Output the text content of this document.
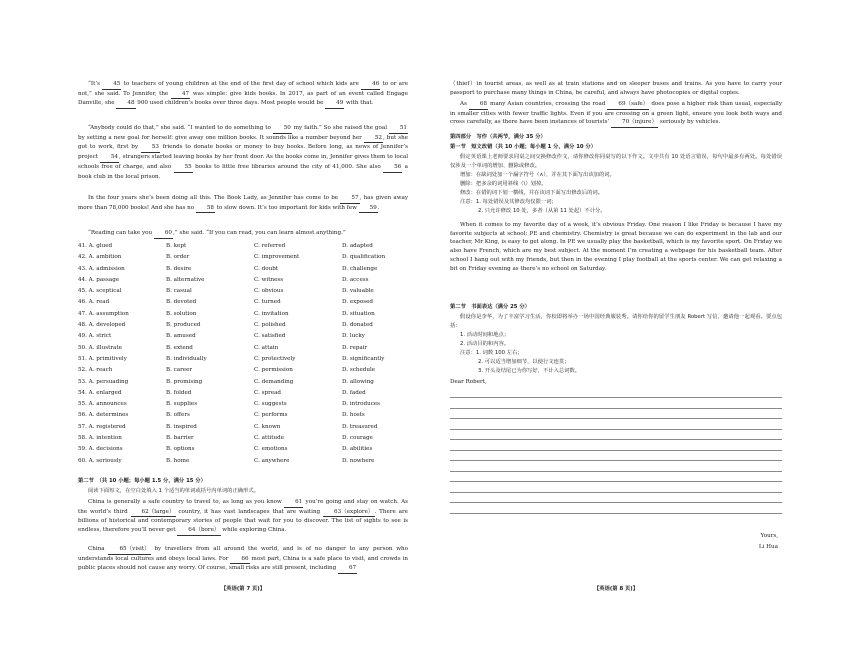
“It’s 45 to teachers of young children at the end of the first day of school which kids are 46 to or are not,” she said. To Jennifer, the 47 was simple: give kids books. In 2017, as part of an event called Engage Danville, she 48 900 used children’s books over three days. Most people would be 49 with that.
“Anybody could do that,” she said. “I wanted to do something to 50 my faith.” So she raised the goal 51 by setting a new goal for herself: give away one million books. It sounds like a number beyond her 52, but she got to work, first by 53 friends to donate books or money to buy books. Before long, as news of Jennifer’s project 54, strangers started leaving books by her front door. As the books come in, Jennifer gives them to local schools free of charge, and also 55 books to little free libraries around the city of 41,000. She also 56 a book club in the local prison.
In the four years she’s been doing all this. The Book Lady, as Jennifer has come to be 57, has given away more than 78,000 books! And she has no 58 to slow down. It’s too important for kids with few 59.
“Reading can take you 60,” she said. “If you can read, you can learn almost anything.”
41. A. glued	B. kept	C. referred	D. adapted
42. A. ambition	B. order	C. improvement	D. qualification
43. A. admission	B. desire	C. doubt	D. challenge
44. A. passage	B. alternative	C. witness	D. access
45. A. sceptical	B. casual	C. obvious	D. valuable
46. A. read	B. devoted	C. turned	D. exposed
47. A. assumption	B. solution	C. invitation	D. situation
48. A. developed	B. produced	C. polished	D. donated
49. A. strict	B. amused	C. satisfied	D. lucky
50. A. illustrate	B. extend	C. attain	D. repair
51. A. primitively	B. individually	C. protectively	D. significantly
52. A. reach	B. career	C. permission	D. schedule
53. A. persuading	B. promising	C. demanding	D. allowing
54. A. enlarged	B. folded	C. spread	D. faded
55. A. announces	B. supplies	C. suggests	D. introduces
56. A. determines	B. offers	C. performs	D. hosts
57. A. registered	B. inspired	C. known	D. treasured
58. A. intention	B. barrier	C. attitude	D. courage
59. A. decisions	B. options	C. emotions	D. abilities
60. A. seriously	B. home	C. anywhere	D. nowhere
第二节　（共 10 小题；每小题 1.5 分，满分 15 分）
阅读下面短文，在空白处填入 1 个适当的单词或括号内单词的正确形式。
China is generally a safe country to travel to, as long as you know 61 you’re going and stay on watch. As the world’s third 62（large） country, it has vast landscapes that are waiting 63（explore）. There are billions of historical and contemporary stories of people that wait for you to discover. The list of sights to see is endless, therefore you’ll never get 64（bore） while exploring China.
China 65（visit） by travellers from all around the world, and is of no danger to any person who understands local cultures and obeys local laws. For 66 most part, China is a safe place to visit, and crowds in public places should not cause any worry. Of course, small risks are still present, including 67
【英语(第 7 页)】
（thief）in tourist areas, as well as at train stations and on sleeper buses and trains. As you have to carry your passport to purchase many things in China, be careful, and always have photocopies or digital copies.
As 68 many Asian countries, crossing the road 69（safe） does pose a higher risk than usual, especially in smaller cities with fewer traffic lights. Even if you are crossing on a green light, ensure you look both ways and cross carefully, as there have been instances of tourists’ 70（injure） seriously by vehicles.
第四部分　写作（共两节，满分 35 分）
第一节　短文改错（共 10 小题；每小题 1 分，满分 10 分）
假定英语课上老师要求同桌之间交换修改作文，请你修改你同桌写的以下作文。文中共有 10 处语言错误，每句中最多有两处。每处错误仅涉及一个单词的增加、删除或修改。
增加：在缺词处加一个漏字符号（∧），并在其下面写出该加的词。
删除：把多余的词用斜线（\）划掉。
修改：在错的词下划一横线，并在该词下面写出修改后的词。
注意：1. 每处错误及其修改均仅限一词；
2. 只允许修改 10 处，多者（从第 11 处起）不计分。
When it comes to my favorite day of a week, it’s obvious Friday. One reason I like Friday is because I have my favorite subjects at school; PE and chemistry. Chemistry is great because we can do experiment in the lab and our teacher, Mr King, is easy to get along. In PE we usually play the basketball, which is my favorite sport. On Friday we also have French, which are my best subject. At the moment I’m creating a webpage for his basketball team. After school I hang out with my friends, but then in the evening I play football at the sports center. We can get relaxing a bit on Friday evening as there’s no school on Saturday.
第二节　书面表达（满分 25 分）
假设你是李华，为了丰富学习生活，你校即将举办一场中国经典服装秀。请你给你的留学生朋友 Robert 写信，邀请他一起观看。要点包括：
1. 活动时间和地点；
2. 活动目的和内容。
注意：1. 词数 100 左右；
2. 可以适当增加细节，以使行文连贯；
3. 开头及结尾已为你写好，不计入总词数。
Dear Robert,
Yours,
Li Hua
【英语(第 8 页)】
